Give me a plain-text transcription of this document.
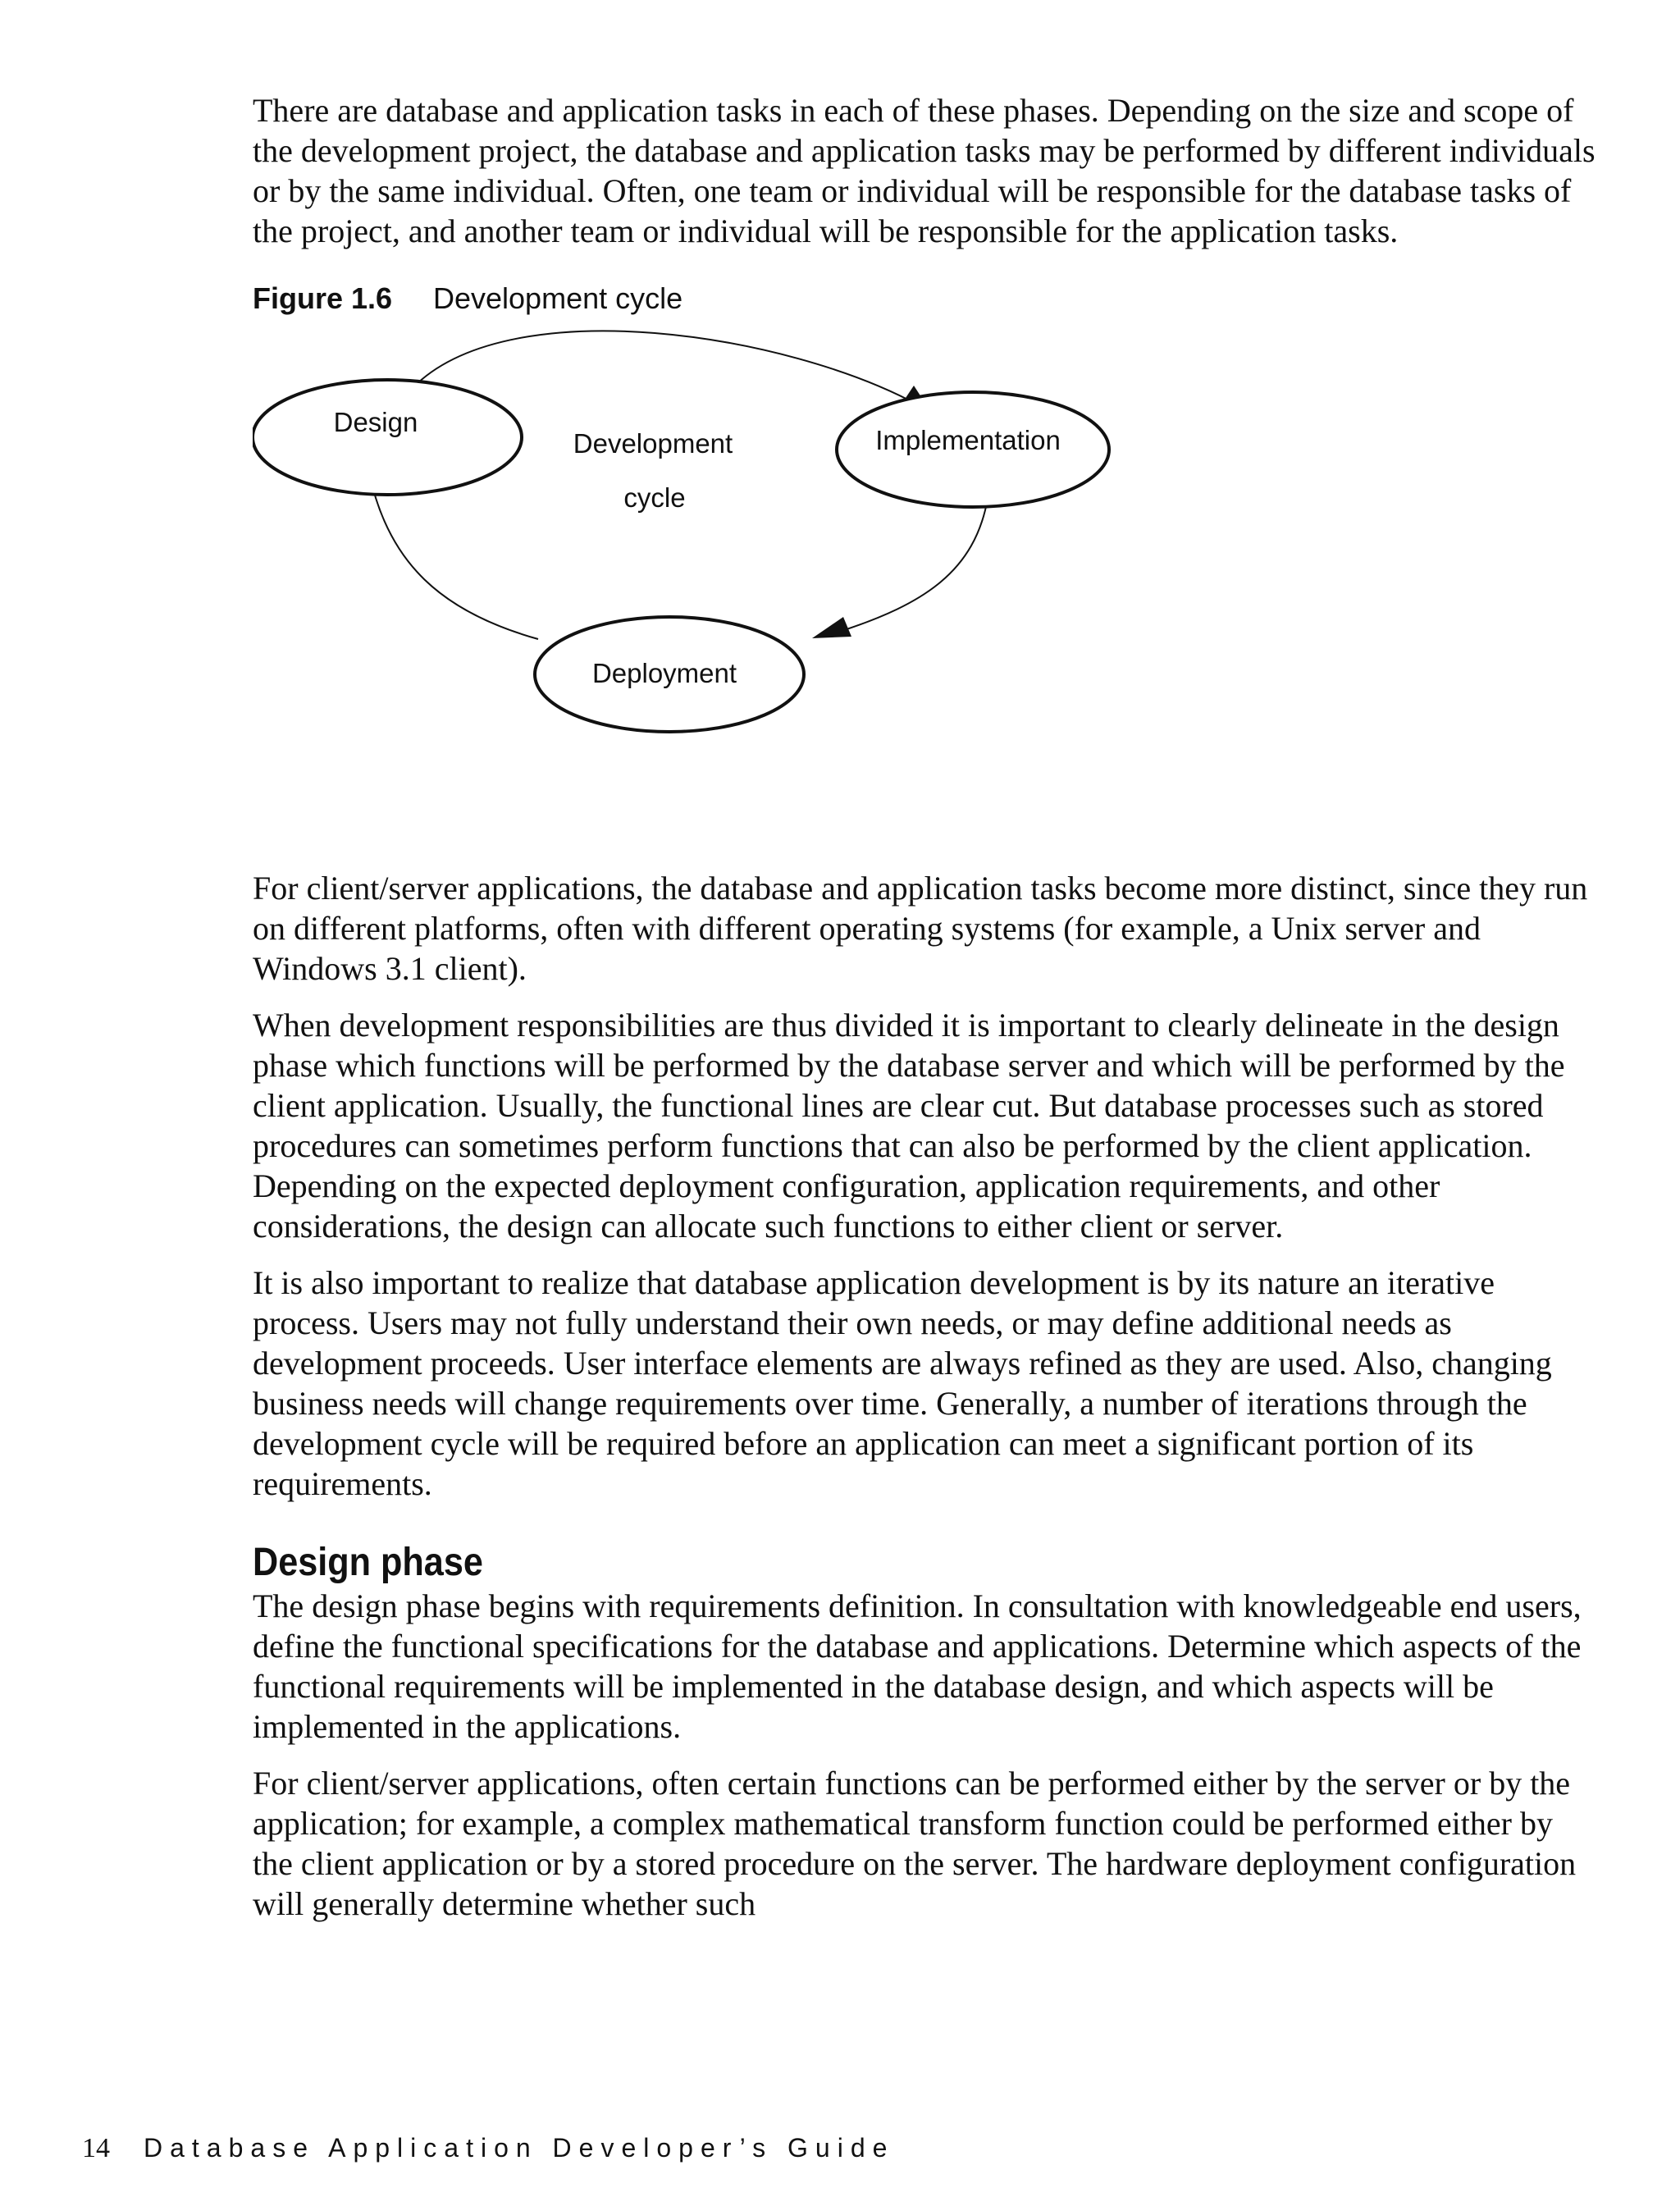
There are database and application tasks in each of these phases. Depending on the size and scope of the development project, the database and application tasks may be performed by different individuals or by the same individual. Often, one team or individual will be responsible for the database tasks of the project, and another team or individual will be responsible for the application tasks.

Figure 1.6 Development cycle
Design
Implementation
Deployment
Development
cycle

For client/server applications, the database and application tasks become more distinct, since they run on different platforms, often with different operating systems (for example, a Unix server and Windows 3.1 client).

When development responsibilities are thus divided it is important to clearly delineate in the design phase which functions will be performed by the database server and which will be performed by the client application. Usually, the functional lines are clear cut. But database processes such as stored procedures can sometimes perform functions that can also be performed by the client application. Depending on the expected deployment configuration, application requirements, and other considerations, the design can allocate such functions to either client or server.

It is also important to realize that database application development is by its nature an iterative process. Users may not fully understand their own needs, or may define additional needs as development proceeds. User interface elements are always refined as they are used. Also, changing business needs will change requirements over time. Generally, a number of iterations through the development cycle will be required before an application can meet a significant portion of its requirements.

Design phase

The design phase begins with requirements definition. In consultation with knowledgeable end users, define the functional specifications for the database and applications. Determine which aspects of the functional requirements will be implemented in the database design, and which aspects will be implemented in the applications.

For client/server applications, often certain functions can be performed either by the server or by the application; for example, a complex mathematical transform function could be performed either by the client application or by a stored procedure on the server. The hardware deployment configuration will generally determine whether such

14 Database Application Developer’s Guide
